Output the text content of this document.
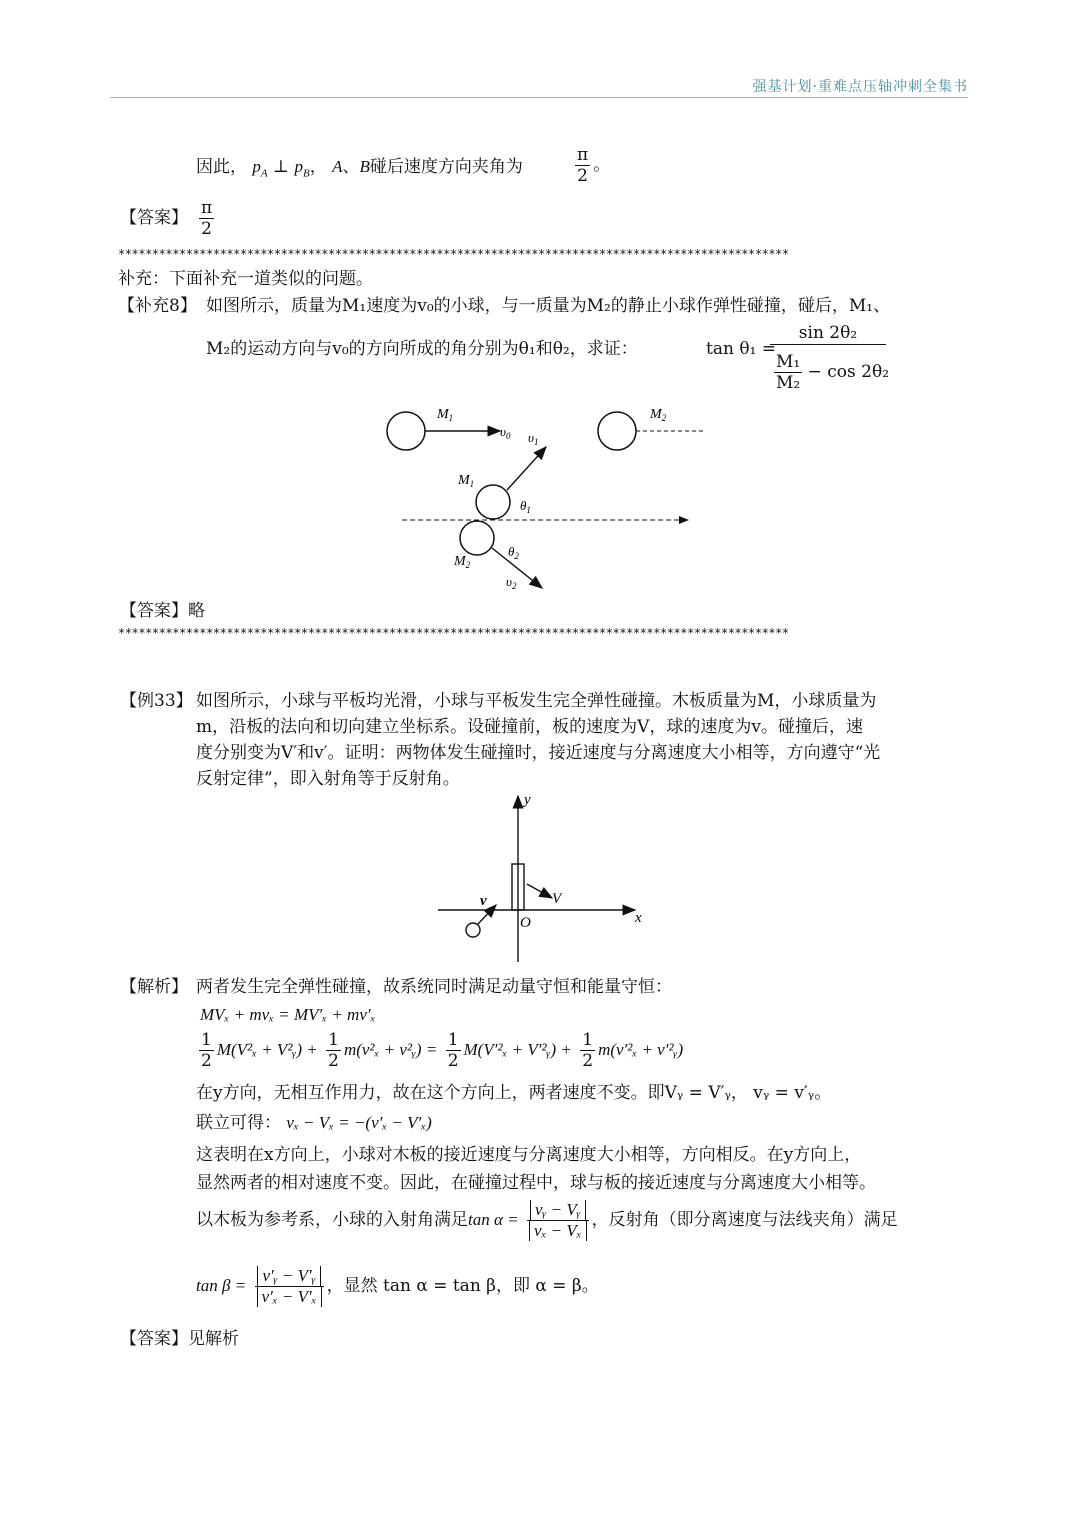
强基计划·重难点压轴冲刺全集书
因此， $p_A$ ⊥ $p_B$， A、B碰后速度方向夹角为	$\frac{\pi}{2}$ 。
【答案】 $\frac{\pi}{2}$
***************************************************************************************************
补充：下面补充一道类似的问题。
【补充8】 如图所示，质量为M₁速度为v₀的小球，与一质量为M₂的静止小球作弹性碰撞，碰后，M₁、
M₂的运动方向与v₀的方向所成的角分别为θ₁和θ₂，求证：	tan θ₁ =
sin 2θ₂
$\frac{\text{M₁}}{\text{M₂}} - \cos 2\theta_2$
$M_1$
$\upsilon_0$ $\upsilon_1$
$M_2$
$M_1$
$\theta_1$
$\theta_2$
$M_2$
$\upsilon_2$
【答案】略
***************************************************************************************************
【例33】 如图所示，小球与平板均光滑，小球与平板发生完全弹性碰撞。木板质量为M，小球质量为
m，沿板的法向和切向建立坐标系。设碰撞前，板的速度为V，球的速度为v。碰撞后，速
度分别变为V′和v′。证明：两物体发生碰撞时，接近速度与分离速度大小相等，方向遵守“光
反射定律”，即入射角等于反射角。
y
x
O
v	V
【解析】 两者发生完全弹性碰撞，故系统同时满足动量守恒和能量守恒：
MVₓ + mvₓ = MV′ₓ + mv′ₓ
$\frac{1}{2} M(V^2_x$ + V²ᵧ) + $\frac{1}{2} m(v^2_x$ + v²ᵧ) = $\frac{1}{2} M(V'^2_x$ + V′²ᵧ) + $\frac{1}{2} m(v'^2_x$ + v′²ᵧ)
在y方向，无相互作用力，故在这个方向上，两者速度不变。即Vᵧ = V′ᵧ， vᵧ = v′ᵧ。
联立可得： vₓ − Vₓ = −(v′ₓ − V′ₓ)
这表明在x方向上，小球对木板的接近速度与分离速度大小相等，方向相反。在y方向上，
显然两者的相对速度不变。因此，在碰撞过程中，球与板的接近速度与分离速度大小相等。
以木板为参考系，小球的入射角满足$\tan \alpha = \frac{\text{vᵧ − Vᵧ}}{\text{vₓ − Vₓ}}$ ，反射角（即分离速度与法线夹角）满足
$\tan \beta = \frac{\text{v′ᵧ − V′ᵧ}}{\text{v′ₓ − V′ₓ}}$ ，显然 tan α = tan β，即 α = β。
【答案】见解析
